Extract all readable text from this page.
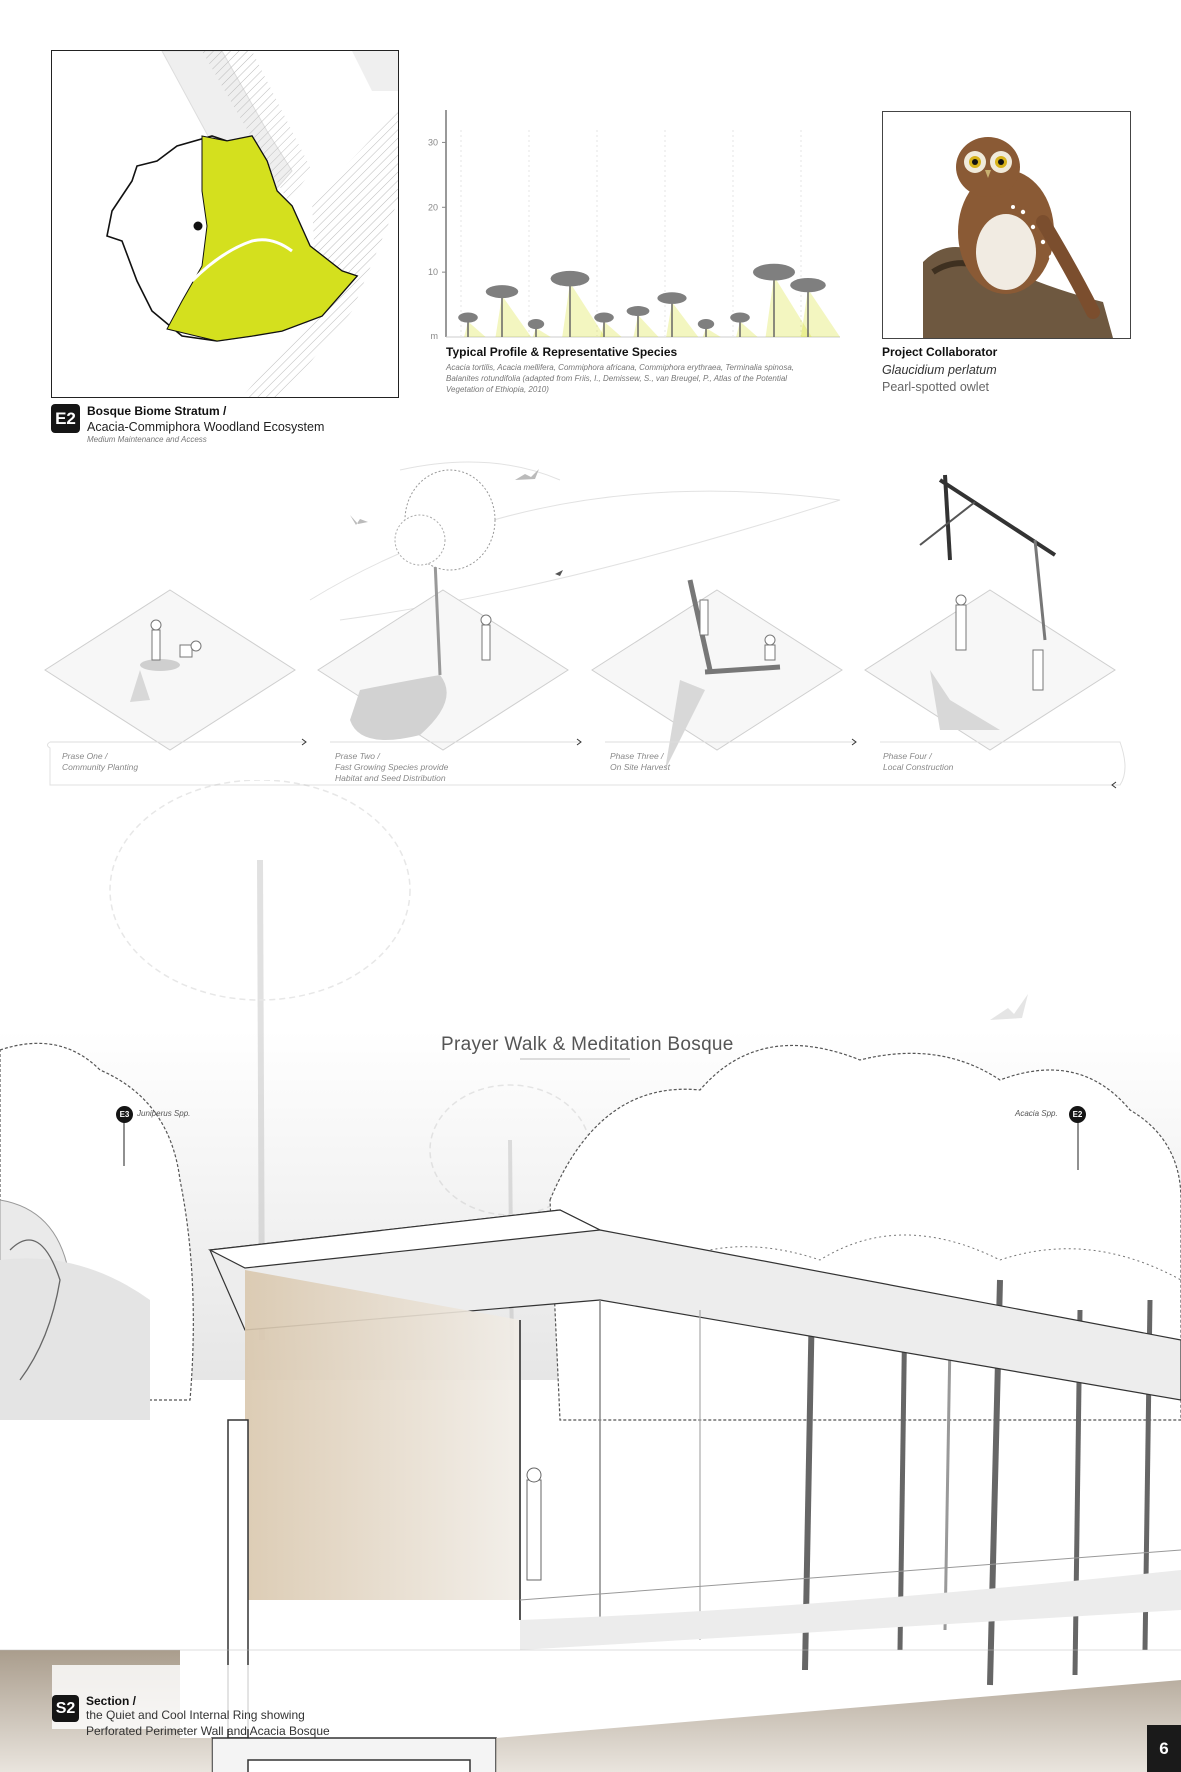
E2 Bosque Biome Stratum /
Acacia-Commiphora Woodland Ecosystem
Medium Maintenance and Access
30
20
10
m
Typical Profile & Representative Species
Acacia tortilis, Acacia mellifera, Commiphora africana, Commiphora erythraea, Terminalia spinosa, Balanites rotundifolia (adapted from Friis, I., Demissew, S., van Breugel, P., Atlas of the Potential Vegetation of Ethiopia, 2010)
Project Collaborator
Glaucidium perlatum
Pearl-spotted owlet
Prase One /
Community Planting
Prase Two /
Fast Growing Species provide
Habitat and Seed Distribution
Phase Three /
On Site Harvest
Phase Four /
Local Construction
Prayer Walk & Meditation Bosque
E3 Juniperus Spp.	Acacia Spp.	E2
S2 Section /
the Quiet and Cool Internal Ring showing
Perforated Perimeter Wall and Acacia Bosque
6
